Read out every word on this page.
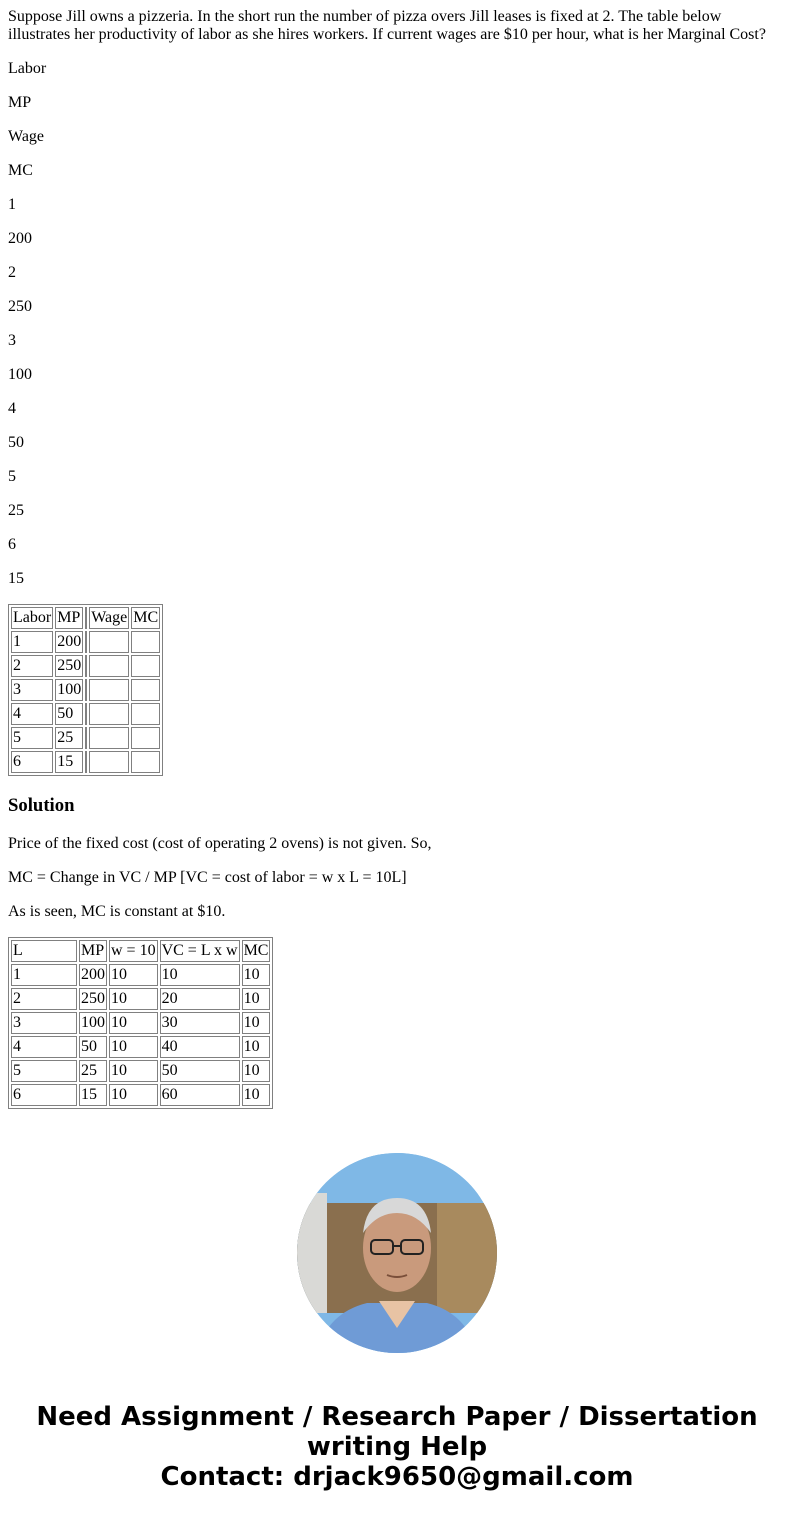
Suppose Jill owns a pizzeria. In the short run the number of pizza overs Jill leases is fixed at 2. The table below illustrates her productivity of labor as she hires workers. If current wages are $10 per hour, what is her Marginal Cost?

Labor

MP

Wage

MC

1

200

2

250

3

100

4

50

5

25

6

15

Labor	MP		Wage	MC
1	200			
2	250			
3	100			
4	50			
5	25			
6	15			
Solution

Price of the fixed cost (cost of operating 2 ovens) is not given. So,

MC = Change in VC / MP [VC = cost of labor = w x L = 10L]

As is seen, MC is constant at $10.

L	MP	w = 10	VC = L x w	MC
1	200	10	10	10
2	250	10	20	10
3	100	10	30	10
4	50	10	40	10
5	25	10	50	10
6	15	10	60	10
Need Assignment / Research Paper / Dissertation
writing Help
Contact: drjack9650@gmail.com
